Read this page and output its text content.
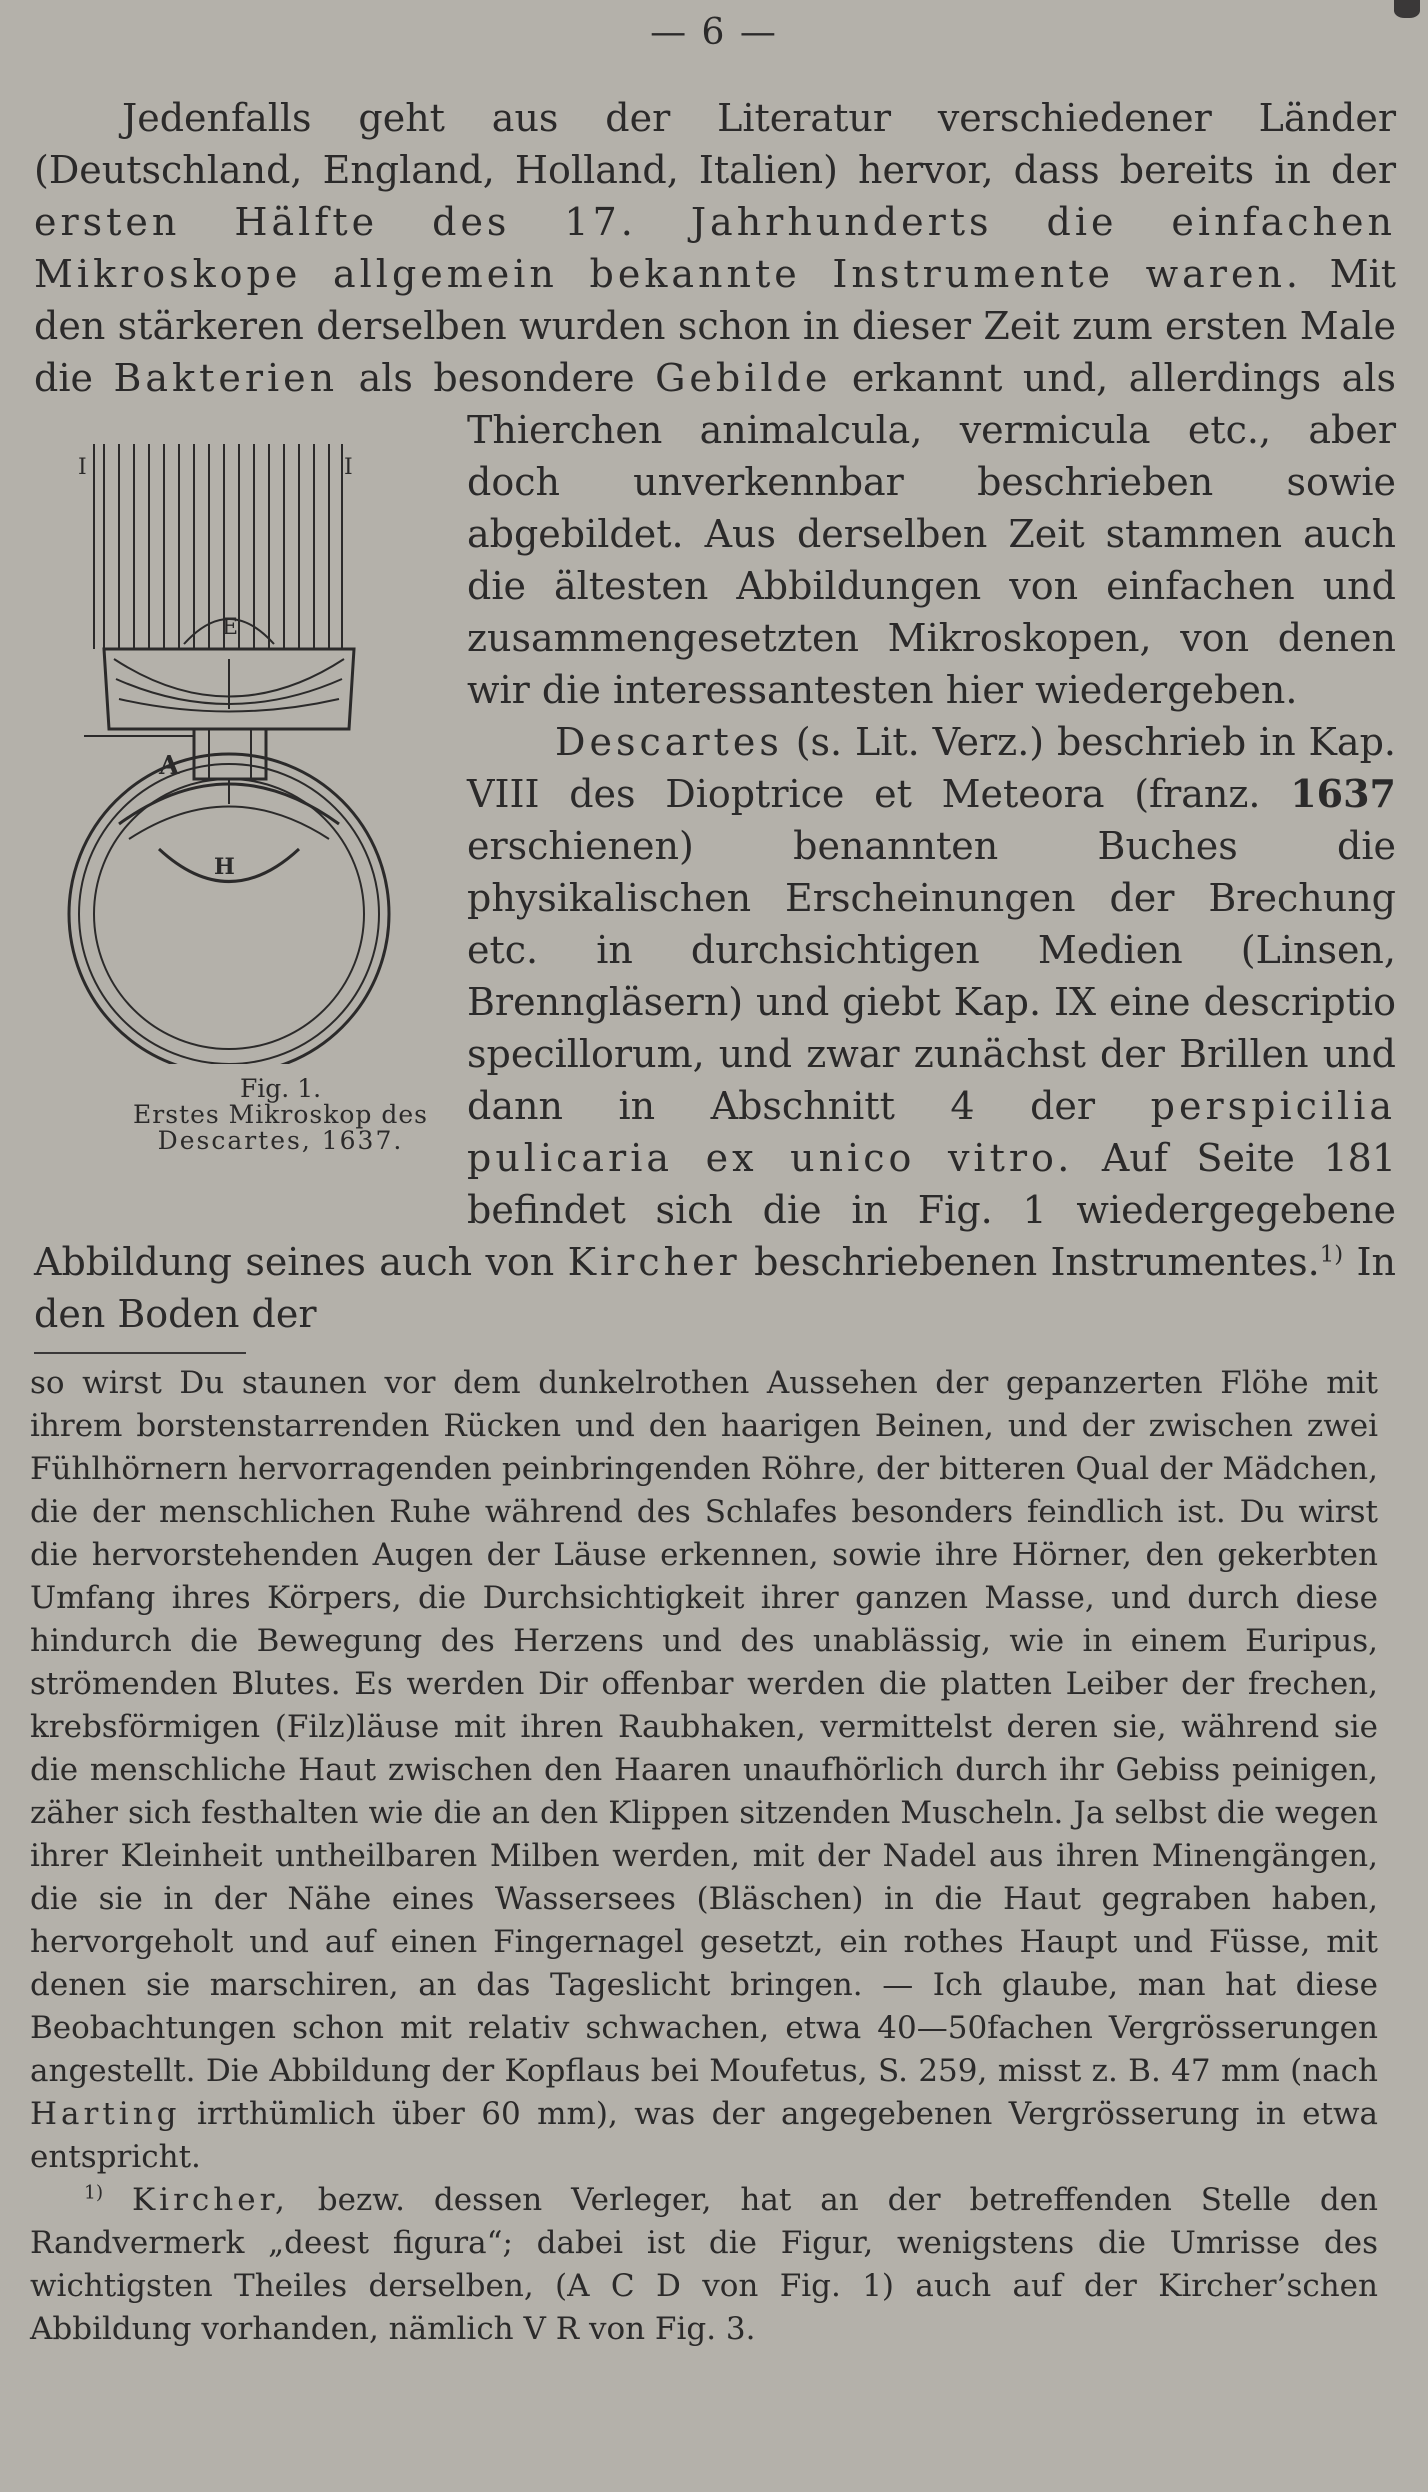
— 6 —

Jedenfalls geht aus der Literatur verschiedener Länder (Deutschland, England, Holland, Italien) hervor, dass bereits in der ersten Hälfte des 17. Jahrhunderts die einfachen Mikroskope allgemein bekannte Instrumente waren. Mit den stärkeren derselben wurden schon in dieser Zeit zum ersten Male die Bakterien als besondere Gebilde
I	I
E
A
H
Fig. 1.
Erstes Mikroskop des
Descartes, 1637.
erkannt und, allerdings als Thierchen animalcula, vermicula etc., aber doch unverkennbar beschrieben sowie abgebildet. Aus derselben Zeit stammen auch die ältesten Abbildungen von einfachen und zusammengesetzten Mikroskopen, von denen wir die interessantesten hier wiedergeben.

Descartes (s. Lit. Verz.) beschrieb in Kap. VIII des Dioptrice et Meteora (franz. 1637 erschienen) benannten Buches die physikalischen Erscheinungen der Brechung etc. in durchsichtigen Medien (Linsen, Brenngläsern) und giebt Kap. IX eine descriptio specillorum, und zwar zunächst der Brillen und dann in Abschnitt 4 der perspicilia pulicaria ex unico vitro. Auf Seite 181 befindet sich die in Fig. 1 wiedergegebene Abbildung seines auch von Kircher beschriebenen Instrumentes.$^{1)}$ In den Boden der

so wirst Du staunen vor dem dunkelrothen Aussehen der gepanzerten Flöhe mit ihrem borstenstarrenden Rücken und den haarigen Beinen, und der zwischen zwei Fühlhörnern hervorragenden peinbringenden Röhre, der bitteren Qual der Mädchen, die der menschlichen Ruhe während des Schlafes besonders feindlich ist. Du wirst die hervorstehenden Augen der Läuse erkennen, sowie ihre Hörner, den gekerbten Umfang ihres Körpers, die Durchsichtigkeit ihrer ganzen Masse, und durch diese hindurch die Bewegung des Herzens und des unablässig, wie in einem Euripus, strömenden Blutes. Es werden Dir offenbar werden die platten Leiber der frechen, krebsförmigen (Filz)läuse mit ihren Raubhaken, vermittelst deren sie, während sie die menschliche Haut zwischen den Haaren unaufhörlich durch ihr Gebiss peinigen, zäher sich festhalten wie die an den Klippen sitzenden Muscheln. Ja selbst die wegen ihrer Kleinheit untheilbaren Milben werden, mit der Nadel aus ihren Minengängen, die sie in der Nähe eines Wassersees (Bläschen) in die Haut gegraben haben, hervorgeholt und auf einen Fingernagel gesetzt, ein rothes Haupt und Füsse, mit denen sie marschiren, an das Tageslicht bringen. — Ich glaube, man hat diese Beobachtungen schon mit relativ schwachen, etwa 40—50fachen Vergrösserungen angestellt. Die Abbildung der Kopflaus bei Moufetus, S. 259, misst z. B. 47 mm (nach Harting irrthümlich über 60 mm), was der angegebenen Vergrösserung in etwa entspricht.

$^{1)}$ Kircher, bezw. dessen Verleger, hat an der betreffenden Stelle den Randvermerk „deest figura“; dabei ist die Figur, wenigstens die Umrisse des wichtigsten Theiles derselben, (A C D von Fig. 1) auch auf der Kircher’schen Abbildung vorhanden, nämlich V R von Fig. 3.
